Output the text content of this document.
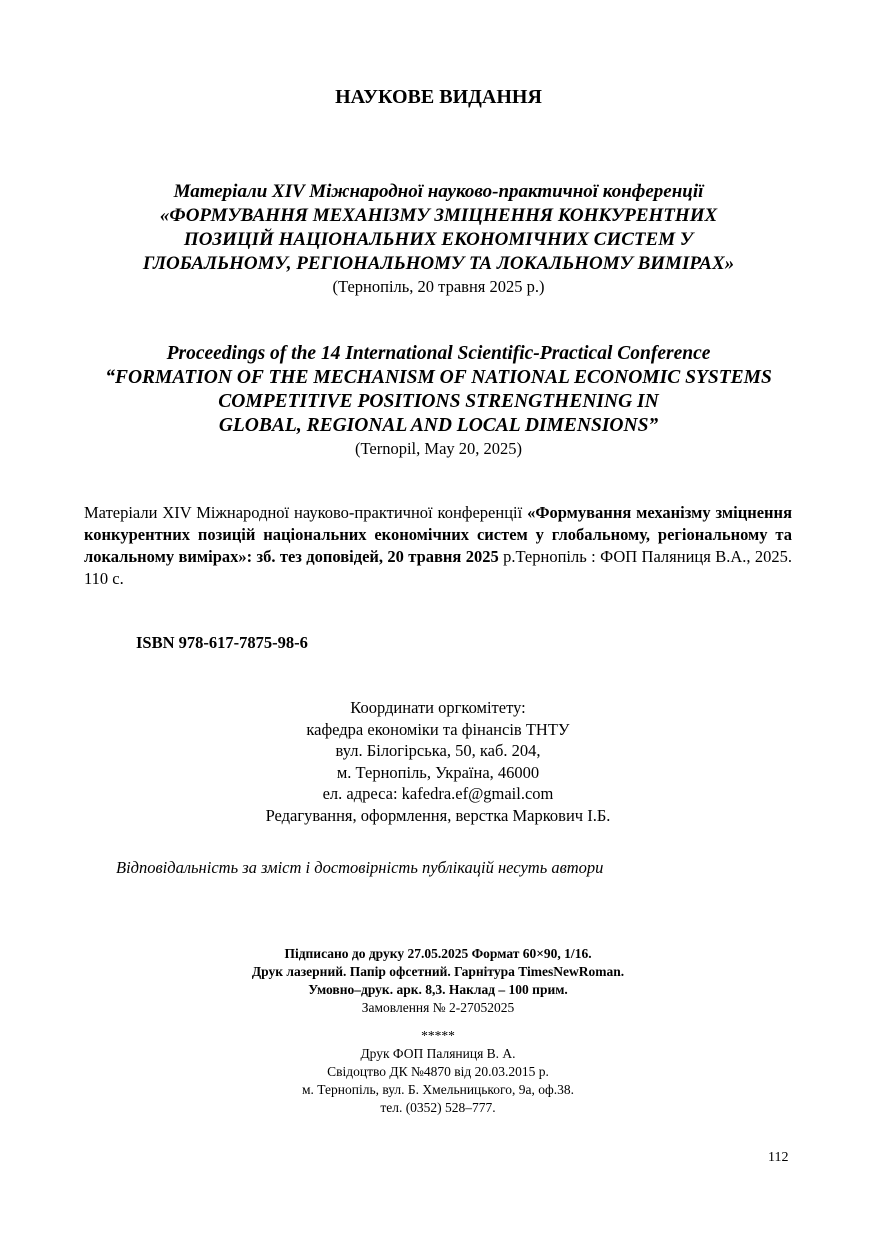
НАУКОВЕ ВИДАННЯ
Матеріали XIV Міжнародної науково-практичної конференції
«ФОРМУВАННЯ МЕХАНІЗМУ ЗМІЦНЕННЯ КОНКУРЕНТНИХ
ПОЗИЦІЙ НАЦІОНАЛЬНИХ ЕКОНОМІЧНИХ СИСТЕМ У
ГЛОБАЛЬНОМУ, РЕГІОНАЛЬНОМУ ТА ЛОКАЛЬНОМУ ВИМІРАХ»
(Тернопіль, 20 травня 2025 р.)
Proceedings of the 14 International Scientific-Practical Conference
“FORMATION OF THE MECHANISM OF NATIONAL ECONOMIC SYSTEMS
COMPETITIVE POSITIONS STRENGTHENING IN
GLOBAL, REGIONAL AND LOCAL DIMENSIONS”
(Ternopil, May 20, 2025)
Матеріали XIV Міжнародної науково-практичної конференції «Формування механізму зміцнення конкурентних позицій національних економічних систем у глобальному, регіональному та локальному вимірах»: зб. тез доповідей, 20 травня 2025 р.Тернопіль : ФОП Паляниця В.А., 2025. 110 с.
ISBN 978-617-7875-98-6
Координати оргкомітету:
кафедра економіки та фінансів ТНТУ
вул. Білогірська, 50, каб. 204,
м. Тернопіль, Україна, 46000
ел. адреса: kafedra.ef@gmail.com
Редагування, оформлення, верстка Маркович І.Б.
Відповідальність за зміст і достовірність публікацій несуть автори
Підписано до друку 27.05.2025 Формат 60×90, 1/16.
Друк лазерний. Папір офсетний. Гарнітура TimesNewRoman.
Умовно–друк. арк. 8,3. Наклад – 100 прим.
Замовлення № 2-27052025
*****
Друк ФОП Паляниця В. А.
Свідоцтво ДК №4870 від 20.03.2015 р.
м. Тернопіль, вул. Б. Хмельницького, 9а, оф.38.
тел. (0352) 528–777.
112
